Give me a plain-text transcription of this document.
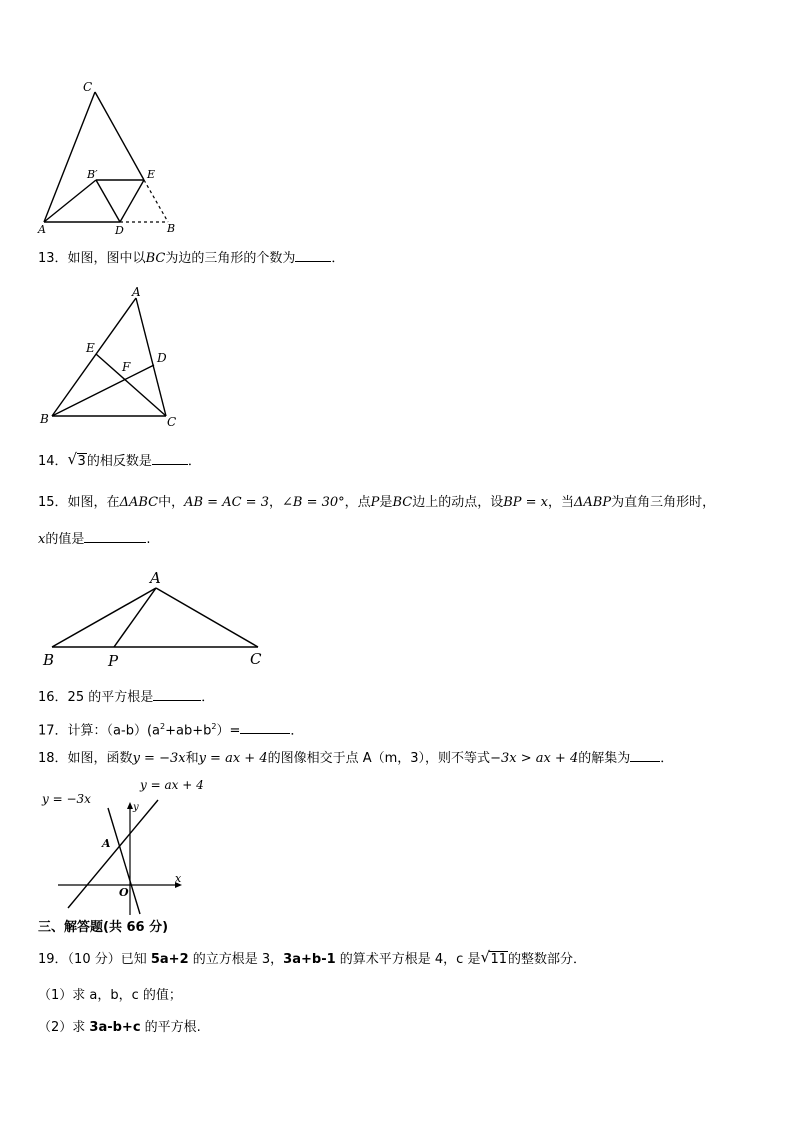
C
B′	E
A	D	B
13．如图，图中以BC为边的三角形的个数为	．
A
E
D
F
B	C
14． √ 3的相反数是	．
15．如图，在ΔABC中，AB = AC = 3，∠B = 30°，点P是BC边上的动点，设BP = x，当ΔABP为直角三角形时，
x的值是	.
A
B	P	C
16．25 的平方根是	．
17．计算：$(a-b)(a^2+ab+b^2)=$	．
18．如图，函数y = −3x和y = ax + 4的图像相交于点 A（m，3），则不等式−3x > ax + 4的解集为 ．
y = −3x
y = ax + 4
y
x
A
O
三、解答题(共 66 分)
19．（10 分）已知 5a+2 的立方根是 3，3a+b-1 的算术平方根是 4，c 是 √ 11的整数部分．
（1）求 a，b，c 的值；
（2）求 3a-b+c 的平方根.
